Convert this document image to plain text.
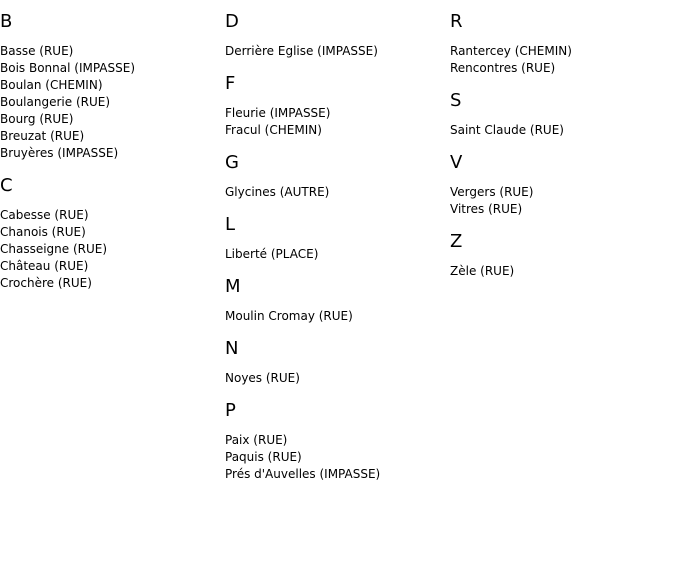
B
Basse (RUE)
Bois Bonnal (IMPASSE)
Boulan (CHEMIN)
Boulangerie (RUE)
Bourg (RUE)
Breuzat (RUE)
Bruyères (IMPASSE)
C
Cabesse (RUE)
Chanois (RUE)
Chasseigne (RUE)
Château (RUE)
Crochère (RUE)
D
Derrière Eglise (IMPASSE)
F
Fleurie (IMPASSE)
Fracul (CHEMIN)
G
Glycines (AUTRE)
L
Liberté (PLACE)
M
Moulin Cromay (RUE)
N
Noyes (RUE)
P
Paix (RUE)
Paquis (RUE)
Prés d'Auvelles (IMPASSE)
R
Rantercey (CHEMIN)
Rencontres (RUE)
S
Saint Claude (RUE)
V
Vergers (RUE)
Vitres (RUE)
Z
Zèle (RUE)
